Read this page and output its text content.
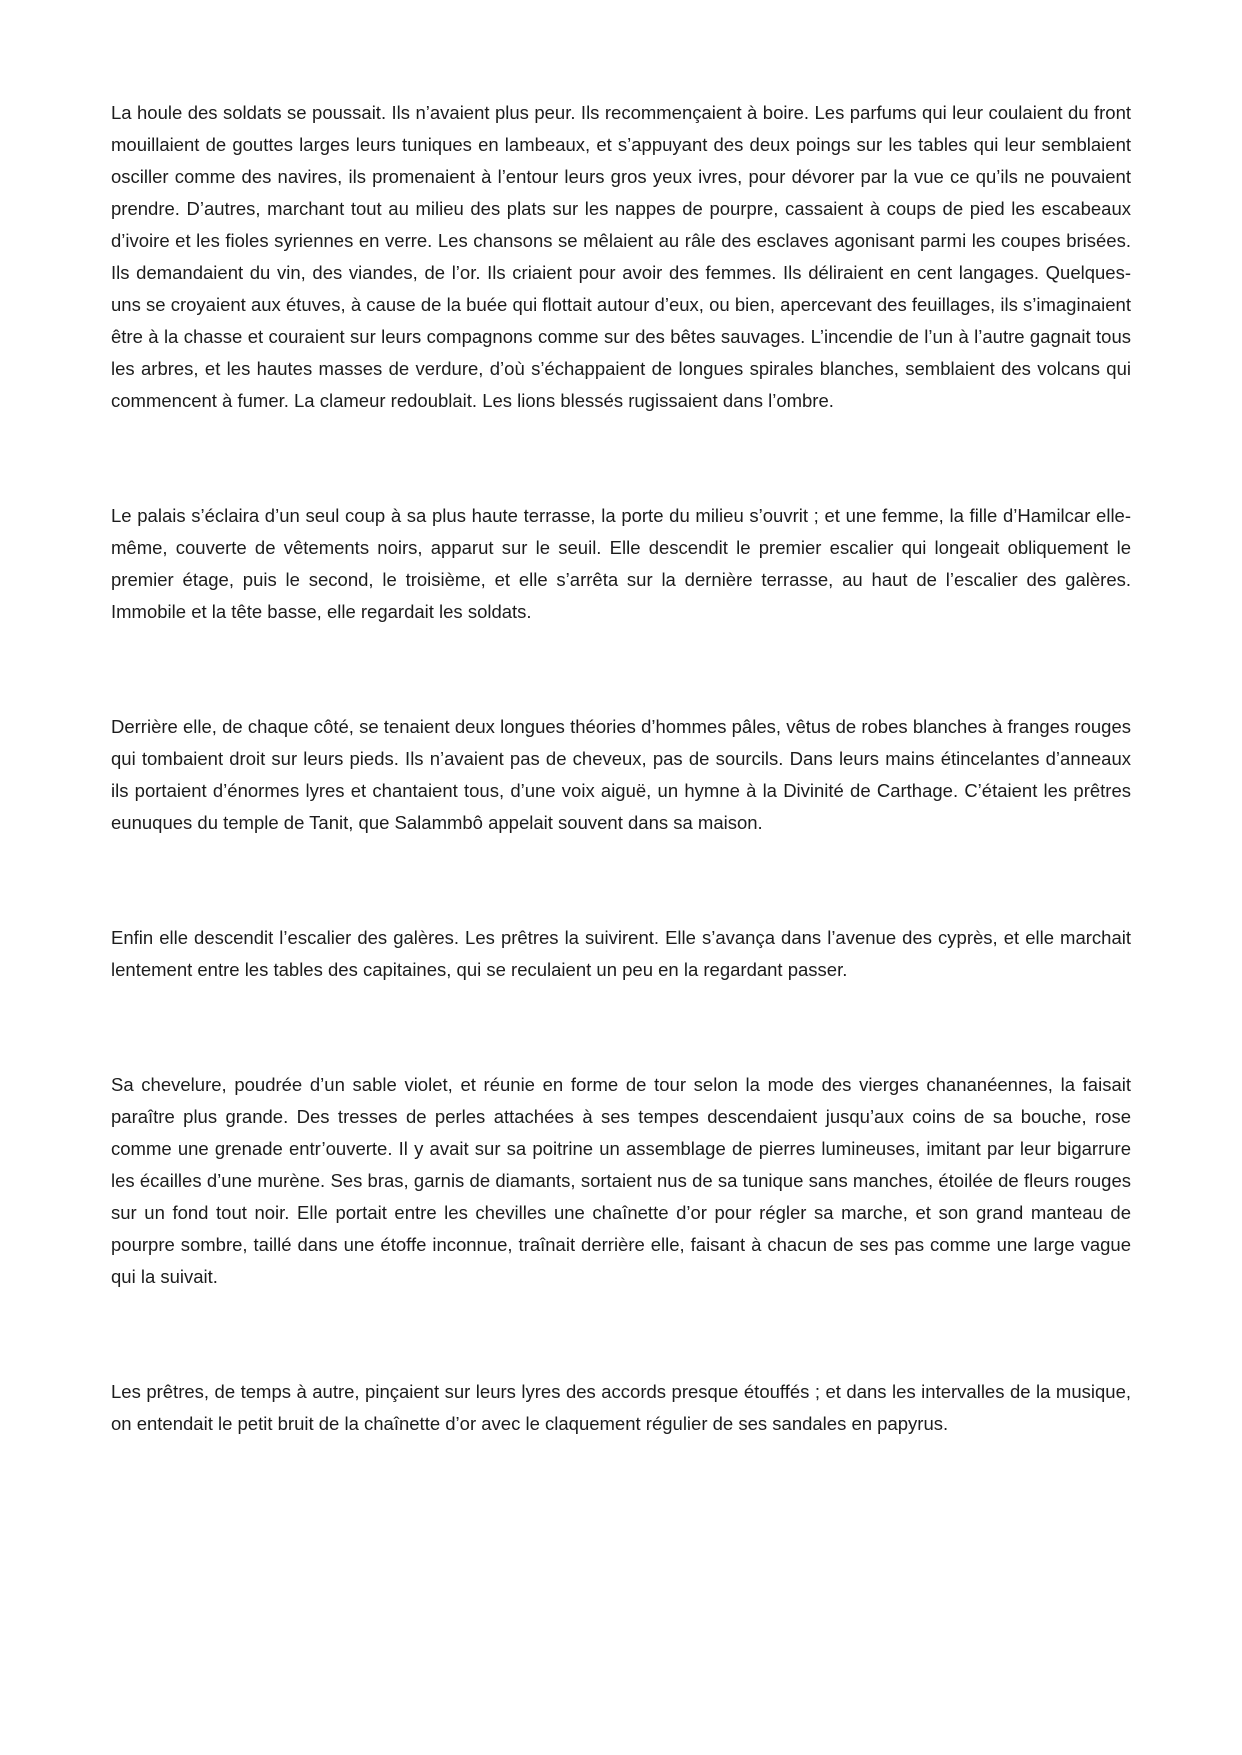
La houle des soldats se poussait. Ils n’avaient plus peur. Ils recommençaient à boire. Les parfums qui leur coulaient du front mouillaient de gouttes larges leurs tuniques en lambeaux, et s’appuyant des deux poings sur les tables qui leur semblaient osciller comme des navires, ils promenaient à l’entour leurs gros yeux ivres, pour dévorer par la vue ce qu’ils ne pouvaient prendre. D’autres, marchant tout au milieu des plats sur les nappes de pourpre, cassaient à coups de pied les escabeaux d’ivoire et les fioles syriennes en verre. Les chansons se mêlaient au râle des esclaves agonisant parmi les coupes brisées. Ils demandaient du vin, des viandes, de l’or. Ils criaient pour avoir des femmes. Ils déliraient en cent langages. Quelques-uns se croyaient aux étuves, à cause de la buée qui flottait autour d’eux, ou bien, apercevant des feuillages, ils s’imaginaient être à la chasse et couraient sur leurs compagnons comme sur des bêtes sauvages. L’incendie de l’un à l’autre gagnait tous les arbres, et les hautes masses de verdure, d’où s’échappaient de longues spirales blanches, semblaient des volcans qui commencent à fumer. La clameur redoublait. Les lions blessés rugissaient dans l’ombre.

Le palais s’éclaira d’un seul coup à sa plus haute terrasse, la porte du milieu s’ouvrit ; et une femme, la fille d’Hamilcar elle-même, couverte de vêtements noirs, apparut sur le seuil. Elle descendit le premier escalier qui longeait obliquement le premier étage, puis le second, le troisième, et elle s’arrêta sur la dernière terrasse, au haut de l’escalier des galères. Immobile et la tête basse, elle regardait les soldats.

Derrière elle, de chaque côté, se tenaient deux longues théories d’hommes pâles, vêtus de robes blanches à franges rouges qui tombaient droit sur leurs pieds. Ils n’avaient pas de cheveux, pas de sourcils. Dans leurs mains étincelantes d’anneaux ils portaient d’énormes lyres et chantaient tous, d’une voix aiguë, un hymne à la Divinité de Carthage. C’étaient les prêtres eunuques du temple de Tanit, que Salammbô appelait souvent dans sa maison.

Enfin elle descendit l’escalier des galères. Les prêtres la suivirent. Elle s’avança dans l’avenue des cyprès, et elle marchait lentement entre les tables des capitaines, qui se reculaient un peu en la regardant passer.

Sa chevelure, poudrée d’un sable violet, et réunie en forme de tour selon la mode des vierges chananéennes, la faisait paraître plus grande. Des tresses de perles attachées à ses tempes descendaient jusqu’aux coins de sa bouche, rose comme une grenade entr’ouverte. Il y avait sur sa poitrine un assemblage de pierres lumineuses, imitant par leur bigarrure les écailles d’une murène. Ses bras, garnis de diamants, sortaient nus de sa tunique sans manches, étoilée de fleurs rouges sur un fond tout noir. Elle portait entre les chevilles une chaînette d’or pour régler sa marche, et son grand manteau de pourpre sombre, taillé dans une étoffe inconnue, traînait derrière elle, faisant à chacun de ses pas comme une large vague qui la suivait.

Les prêtres, de temps à autre, pinçaient sur leurs lyres des accords presque étouffés ; et dans les intervalles de la musique, on entendait le petit bruit de la chaînette d’or avec le claquement régulier de ses sandales en papyrus.
